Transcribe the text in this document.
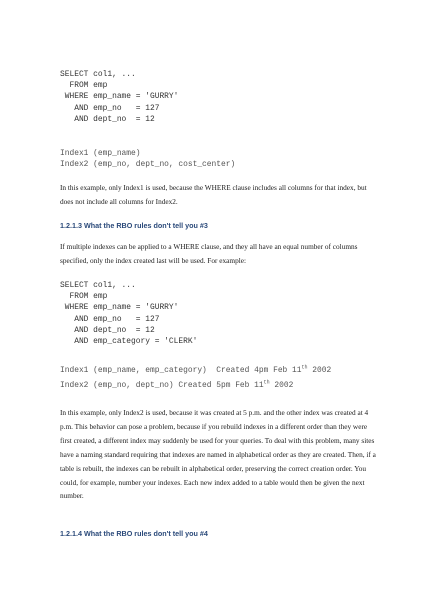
SELECT col1, ...
FROM emp
WHERE emp_name = 'GURRY'
AND emp_no   = 127
AND dept_no  = 12
Index1 (emp_name)
Index2 (emp_no, dept_no, cost_center)

In this example, only Index1 is used, because the WHERE clause includes all columns for that index, but does not include all columns for Index2.

1.2.1.3 What the RBO rules don't tell you #3

If multiple indexes can be applied to a WHERE clause, and they all have an equal number of columns specified, only the index created last will be used. For example:

SELECT col1, ...
FROM emp
WHERE emp_name = 'GURRY'
AND emp_no   = 127
AND dept_no  = 12
AND emp_category = 'CLERK'
Index1 (emp_name, emp_category)  Created 4pm Feb 11th 2002
Index2 (emp_no, dept_no) Created 5pm Feb 11th 2002

In this example, only Index2 is used, because it was created at 5 p.m. and the other index was created at 4 p.m. This behavior can pose a problem, because if you rebuild indexes in a different order than they were first created, a different index may suddenly be used for your queries. To deal with this problem, many sites have a naming standard requiring that indexes are named in alphabetical order as they are created. Then, if a table is rebuilt, the indexes can be rebuilt in alphabetical order, preserving the correct creation order. You could, for example, number your indexes. Each new index added to a table would then be given the next number.

1.2.1.4 What the RBO rules don't tell you #4
